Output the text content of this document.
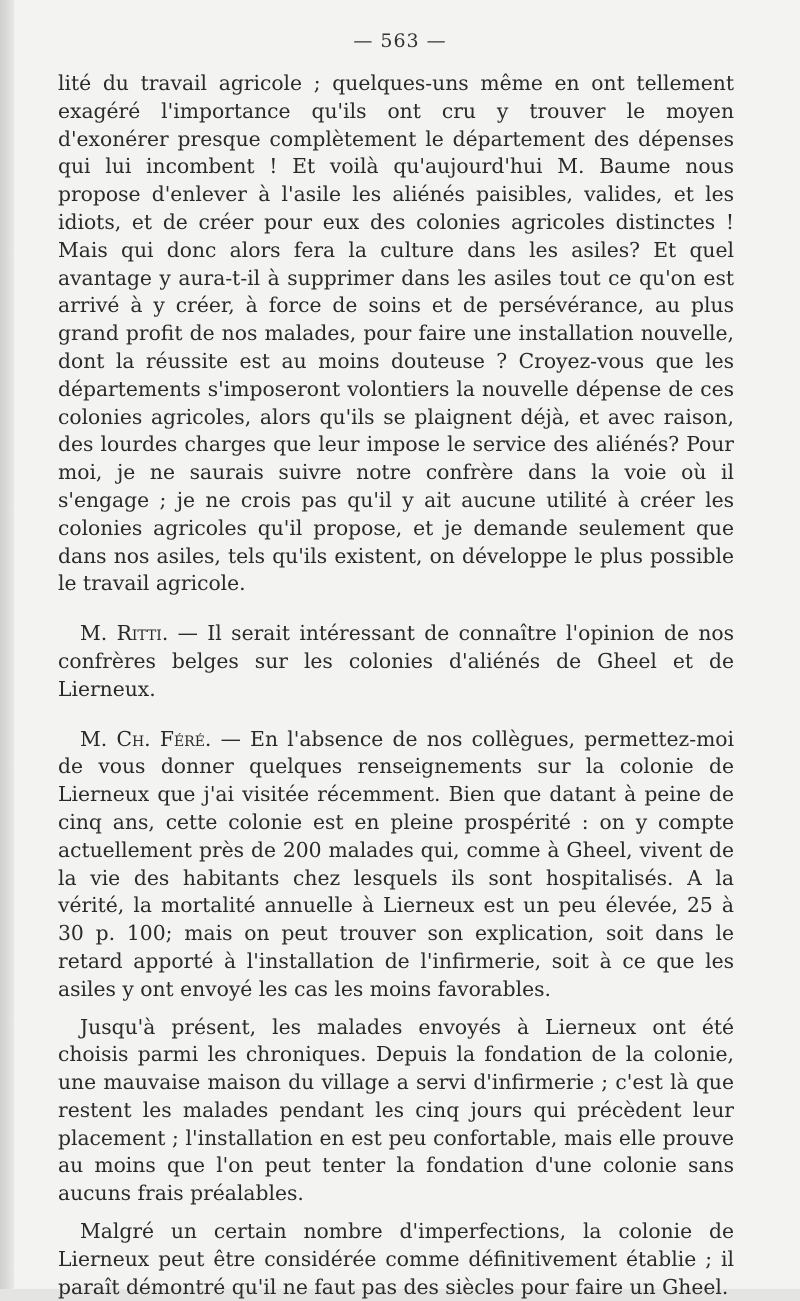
— 563 —

lité du travail agricole ; quelques-uns même en ont tellement exagéré l'importance qu'ils ont cru y trouver le moyen d'exonérer presque complètement le département des dépenses qui lui incombent ! Et voilà qu'aujourd'hui M. Baume nous propose d'enlever à l'asile les aliénés paisibles, valides, et les idiots, et de créer pour eux des colonies agricoles distinctes ! Mais qui donc alors fera la culture dans les asiles? Et quel avantage y aura-t-il à supprimer dans les asiles tout ce qu'on est arrivé à y créer, à force de soins et de persévérance, au plus grand profit de nos malades, pour faire une installation nouvelle, dont la réussite est au moins douteuse ? Croyez-vous que les départements s'imposeront volontiers la nouvelle dépense de ces colonies agricoles, alors qu'ils se plaignent déjà, et avec raison, des lourdes charges que leur impose le service des aliénés? Pour moi, je ne saurais suivre notre confrère dans la voie où il s'engage ; je ne crois pas qu'il y ait aucune utilité à créer les colonies agricoles qu'il propose, et je demande seulement que dans nos asiles, tels qu'ils existent, on développe le plus possible le travail agricole.

M. Ritti. — Il serait intéressant de connaître l'opinion de nos confrères belges sur les colonies d'aliénés de Gheel et de Lierneux.

M. Ch. Féré. — En l'absence de nos collègues, permettez-moi de vous donner quelques renseignements sur la colonie de Lierneux que j'ai visitée récemment. Bien que datant à peine de cinq ans, cette colonie est en pleine prospérité : on y compte actuellement près de 200 malades qui, comme à Gheel, vivent de la vie des habitants chez lesquels ils sont hospitalisés. A la vérité, la mortalité annuelle à Lierneux est un peu élevée, 25 à 30 p. 100; mais on peut trouver son explication, soit dans le retard apporté à l'installation de l'infirmerie, soit à ce que les asiles y ont envoyé les cas les moins favorables.

Jusqu'à présent, les malades envoyés à Lierneux ont été choisis parmi les chroniques. Depuis la fondation de la colonie, une mauvaise maison du village a servi d'infirmerie ; c'est là que restent les malades pendant les cinq jours qui précèdent leur placement ; l'installation en est peu confortable, mais elle prouve au moins que l'on peut tenter la fondation d'une colonie sans aucuns frais préalables.

Malgré un certain nombre d'imperfections, la colonie de Lierneux peut être considérée comme définitivement établie ; il paraît démontré qu'il ne faut pas des siècles pour faire un Gheel.
